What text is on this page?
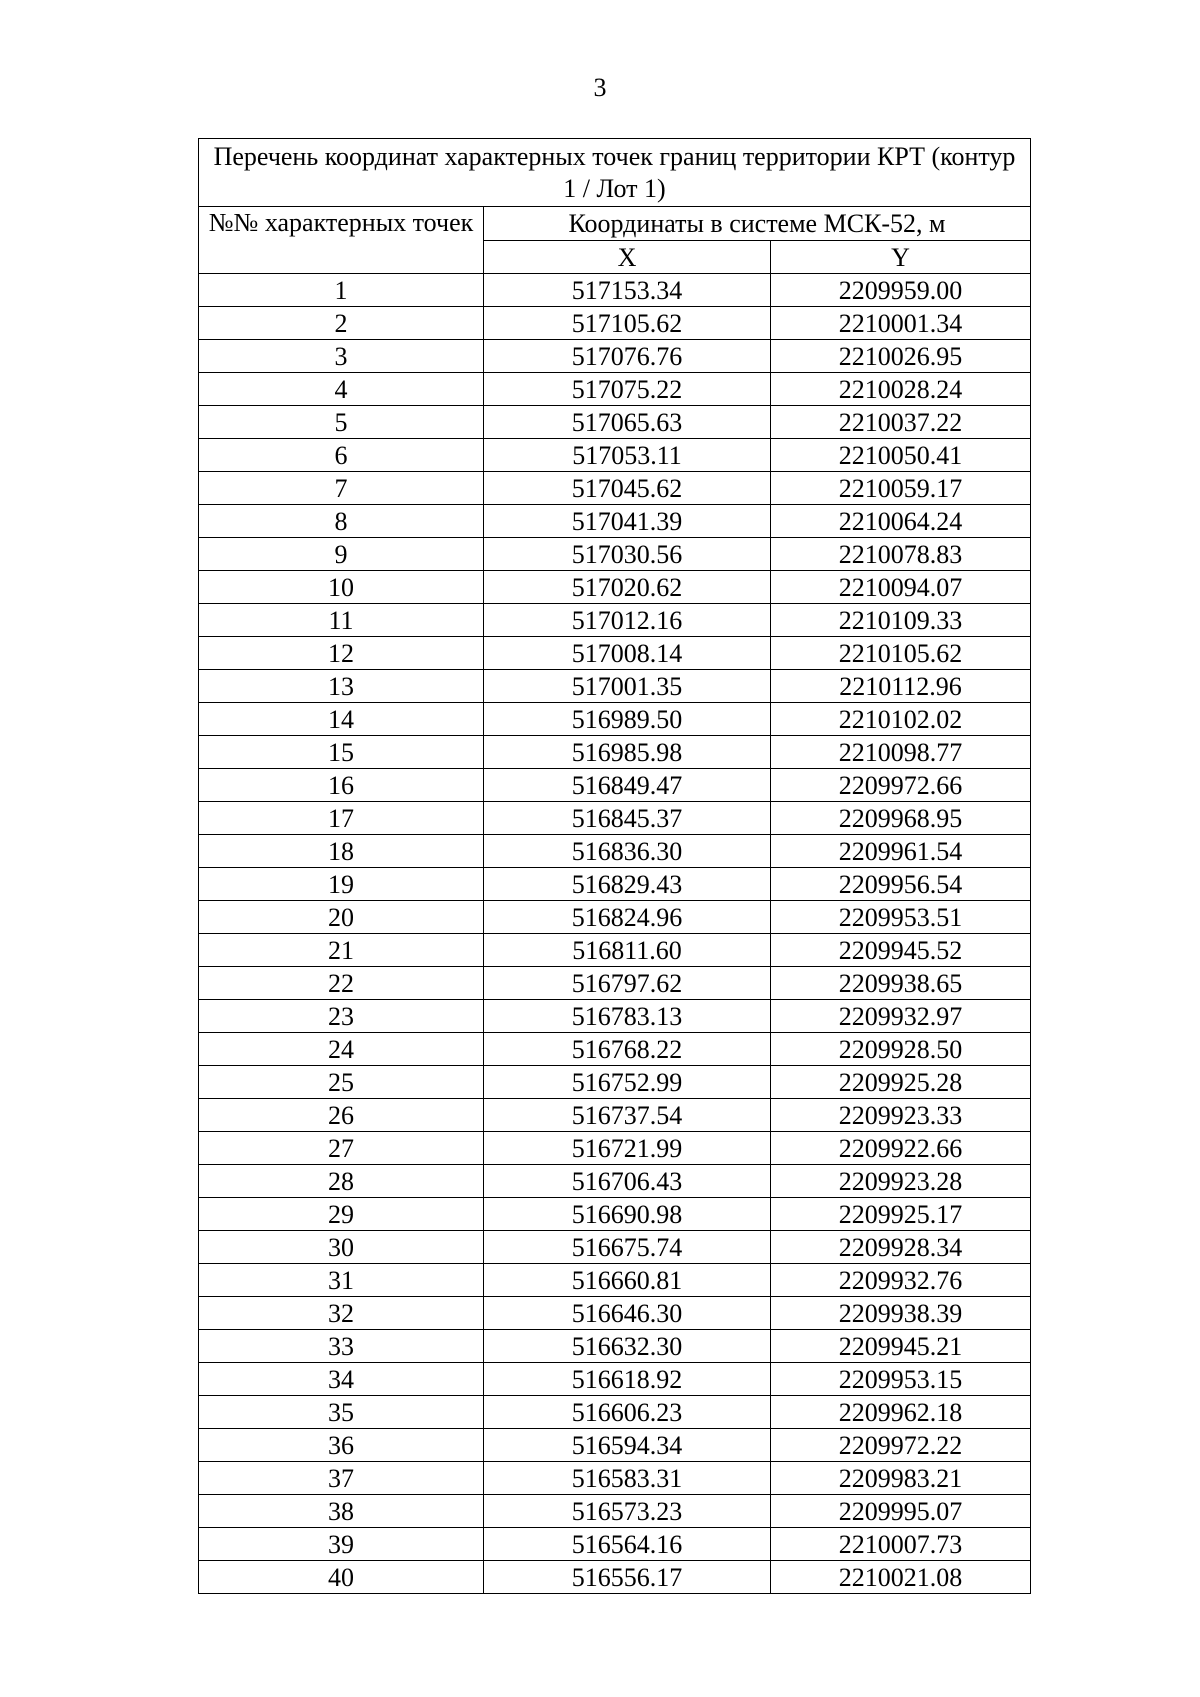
3
Перечень координат характерных точек границ территории КРТ (контур 1 / Лот 1)		
№№ характерных точек	Координаты в системе МСК-52, м	
	X	Y
1	517153.34	2209959.00
2	517105.62	2210001.34
3	517076.76	2210026.95
4	517075.22	2210028.24
5	517065.63	2210037.22
6	517053.11	2210050.41
7	517045.62	2210059.17
8	517041.39	2210064.24
9	517030.56	2210078.83
10	517020.62	2210094.07
11	517012.16	2210109.33
12	517008.14	2210105.62
13	517001.35	2210112.96
14	516989.50	2210102.02
15	516985.98	2210098.77
16	516849.47	2209972.66
17	516845.37	2209968.95
18	516836.30	2209961.54
19	516829.43	2209956.54
20	516824.96	2209953.51
21	516811.60	2209945.52
22	516797.62	2209938.65
23	516783.13	2209932.97
24	516768.22	2209928.50
25	516752.99	2209925.28
26	516737.54	2209923.33
27	516721.99	2209922.66
28	516706.43	2209923.28
29	516690.98	2209925.17
30	516675.74	2209928.34
31	516660.81	2209932.76
32	516646.30	2209938.39
33	516632.30	2209945.21
34	516618.92	2209953.15
35	516606.23	2209962.18
36	516594.34	2209972.22
37	516583.31	2209983.21
38	516573.23	2209995.07
39	516564.16	2210007.73
40	516556.17	2210021.08
